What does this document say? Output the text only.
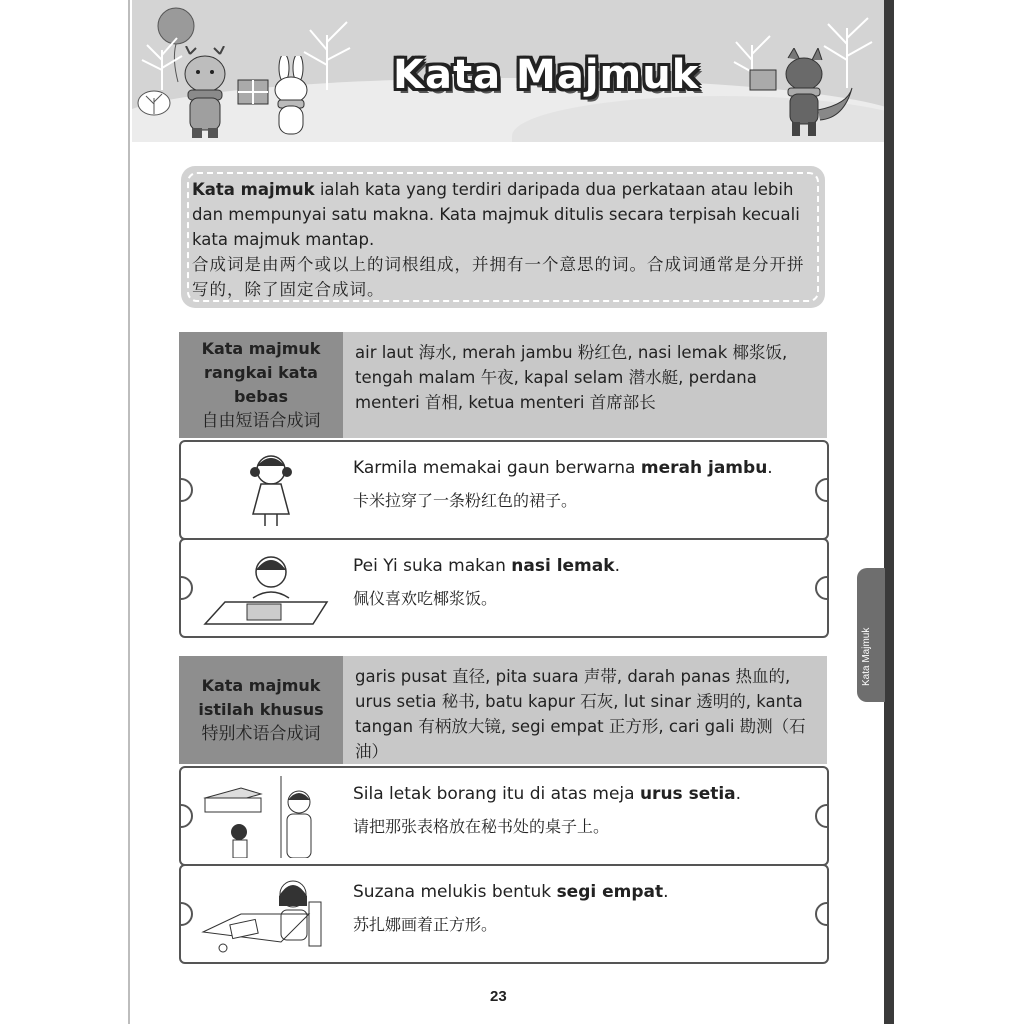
Kata Majmuk
Kata majmuk ialah kata yang terdiri daripada dua perkataan atau lebih dan mempunyai satu makna. Kata majmuk ditulis secara terpisah kecuali kata majmuk mantap.
合成词是由两个或以上的词根组成，并拥有一个意思的词。合成词通常是分开拼写的，除了固定合成词。
Kata majmuk
rangkai kata
bebas
自由短语合成词
air laut 海水, merah jambu 粉红色, nasi lemak 椰浆饭, tengah malam 午夜, kapal selam 潜水艇, perdana menteri 首相, ketua menteri 首席部长
Karmila memakai gaun berwarna merah jambu.
卡米拉穿了一条粉红色的裙子。
Pei Yi suka makan nasi lemak.
佩仪喜欢吃椰浆饭。
Kata majmuk
istilah khusus
特别术语合成词
garis pusat 直径, pita suara 声带, darah panas 热血的, urus setia 秘书, batu kapur 石灰, lut sinar 透明的, kanta tangan 有柄放大镜, segi empat 正方形, cari gali 勘测（石油）
Sila letak borang itu di atas meja urus setia.
请把那张表格放在秘书处的桌子上。
Suzana melukis bentuk segi empat.
苏扎娜画着正方形。
Kata Majmuk
23
